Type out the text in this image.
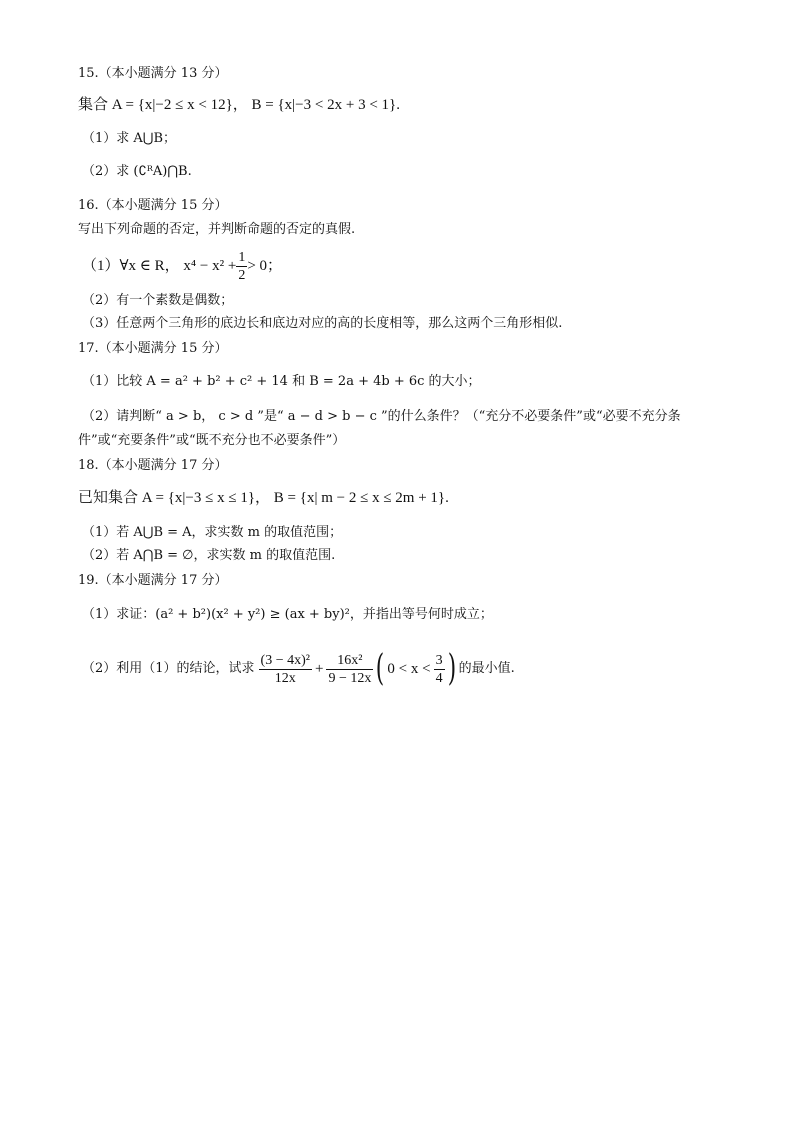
15.（本小题满分 13 分）
集合 A = {x|−2 ≤ x < 12}， B = {x|−3 < 2x + 3 < 1}.
（1）求 A⋃B；
（2）求 (∁ᴿA)⋂B.
16.（本小题满分 15 分）
写出下列命题的否定，并判断命题的否定的真假.
（1）∀x ∈ R， $x^4 - x^2 + \frac{1}{2} > 0$；
（2）有一个素数是偶数；
（3）任意两个三角形的底边长和底边对应的高的长度相等，那么这两个三角形相似.
17.（本小题满分 15 分）
（1）比较 A = a² + b² + c² + 14 和 B = 2a + 4b + 6c 的大小；
（2）请判断“ a > b， c > d ”是“ a − d > b − c ”的什么条件？（“充分不必要条件”或“必要不充分条
件”或“充要条件”或“既不充分也不必要条件”）
18.（本小题满分 17 分）
已知集合 A = {x|−3 ≤ x ≤ 1}， B = {x| m − 2 ≤ x ≤ 2m + 1}.
（1）若 A⋃B = A，求实数 m 的取值范围；
（2）若 A⋂B = ∅，求实数 m 的取值范围.
19.（本小题满分 17 分）
（1）求证：(a² + b²)(x² + y²) ≥ (ax + by)²，并指出等号何时成立；
（2）利用（1）的结论，试求 $\frac{\text{(3 − 4x)²}}{12x} + \frac{\text{16x²}}{9 - 12x}$ ( $0 < x < \frac{3}{4}$ ) 的最小值.
